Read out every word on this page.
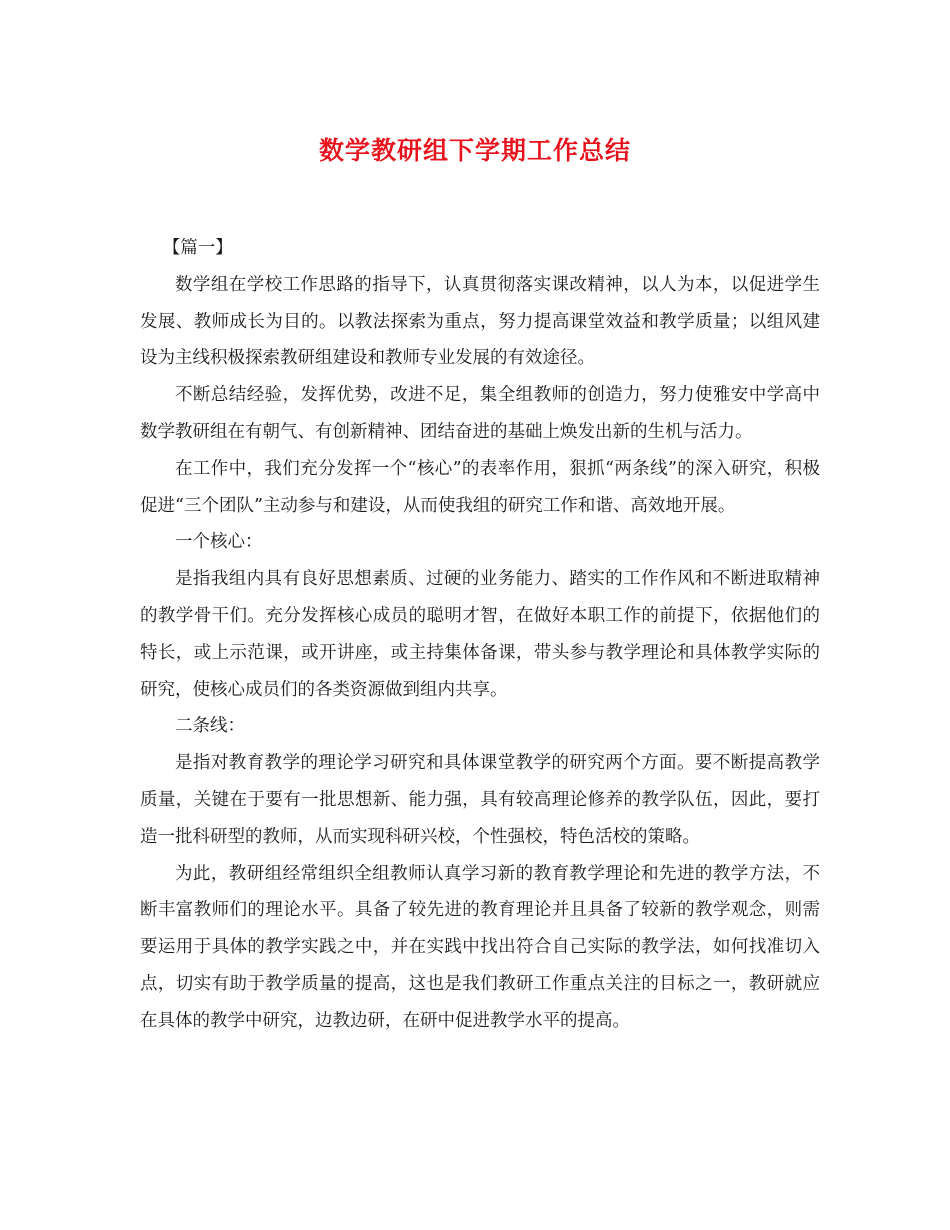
数学教研组下学期工作总结

【篇一】

数学组在学校工作思路的指导下，认真贯彻落实课改精神，以人为本，以促进学生发展、教师成长为目的。以教法探索为重点，努力提高课堂效益和教学质量；以组风建设为主线积极探索教研组建设和教师专业发展的有效途径。

不断总结经验，发挥优势，改进不足，集全组教师的创造力，努力使雅安中学高中数学教研组在有朝气、有创新精神、团结奋进的基础上焕发出新的生机与活力。

在工作中，我们充分发挥一个“核心”的表率作用，狠抓“两条线”的深入研究，积极促进“三个团队”主动参与和建设，从而使我组的研究工作和谐、高效地开展。

一个核心：

是指我组内具有良好思想素质、过硬的业务能力、踏实的工作作风和不断进取精神的教学骨干们。充分发挥核心成员的聪明才智，在做好本职工作的前提下，依据他们的特长，或上示范课，或开讲座，或主持集体备课，带头参与教学理论和具体教学实际的研究，使核心成员们的各类资源做到组内共享。

二条线：

是指对教育教学的理论学习研究和具体课堂教学的研究两个方面。要不断提高教学质量，关键在于要有一批思想新、能力强，具有较高理论修养的教学队伍，因此，要打造一批科研型的教师，从而实现科研兴校，个性强校，特色活校的策略。

为此，教研组经常组织全组教师认真学习新的教育教学理论和先进的教学方法，不断丰富教师们的理论水平。具备了较先进的教育理论并且具备了较新的教学观念，则需要运用于具体的教学实践之中，并在实践中找出符合自己实际的教学法，如何找准切入点，切实有助于教学质量的提高，这也是我们教研工作重点关注的目标之一，教研就应在具体的教学中研究，边教边研，在研中促进教学水平的提高。
